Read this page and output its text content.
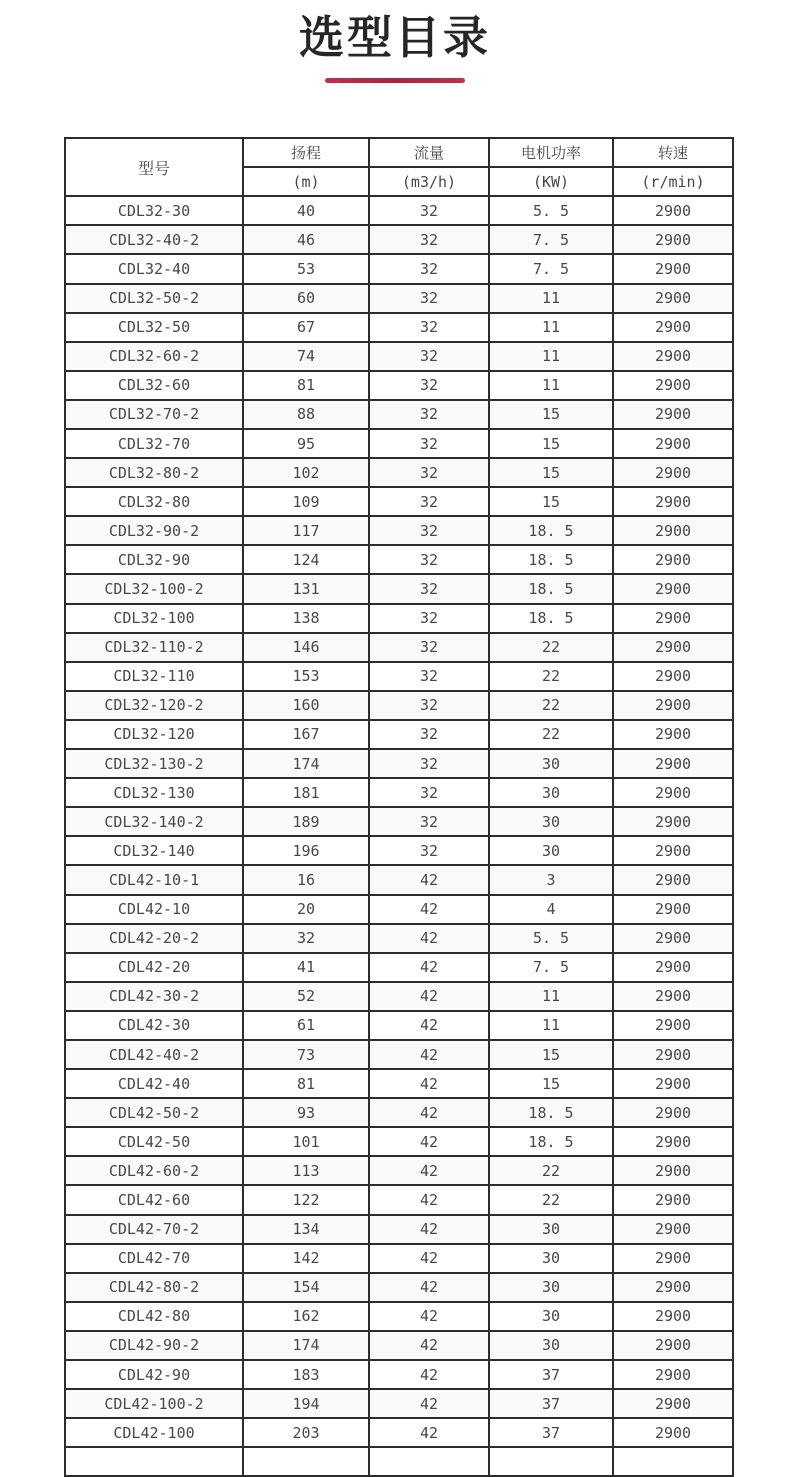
选型目录
型号	扬程	流量	电机功率	转速
	(m)	(m3/h)	(KW)	(r/min)
CDL32-30	40	32	5. 5	2900
CDL32-40-2	46	32	7. 5	2900
CDL32-40	53	32	7. 5	2900
CDL32-50-2	60	32	11	2900
CDL32-50	67	32	11	2900
CDL32-60-2	74	32	11	2900
CDL32-60	81	32	11	2900
CDL32-70-2	88	32	15	2900
CDL32-70	95	32	15	2900
CDL32-80-2	102	32	15	2900
CDL32-80	109	32	15	2900
CDL32-90-2	117	32	18. 5	2900
CDL32-90	124	32	18. 5	2900
CDL32-100-2	131	32	18. 5	2900
CDL32-100	138	32	18. 5	2900
CDL32-110-2	146	32	22	2900
CDL32-110	153	32	22	2900
CDL32-120-2	160	32	22	2900
CDL32-120	167	32	22	2900
CDL32-130-2	174	32	30	2900
CDL32-130	181	32	30	2900
CDL32-140-2	189	32	30	2900
CDL32-140	196	32	30	2900
CDL42-10-1	16	42	3	2900
CDL42-10	20	42	4	2900
CDL42-20-2	32	42	5. 5	2900
CDL42-20	41	42	7. 5	2900
CDL42-30-2	52	42	11	2900
CDL42-30	61	42	11	2900
CDL42-40-2	73	42	15	2900
CDL42-40	81	42	15	2900
CDL42-50-2	93	42	18. 5	2900
CDL42-50	101	42	18. 5	2900
CDL42-60-2	113	42	22	2900
CDL42-60	122	42	22	2900
CDL42-70-2	134	42	30	2900
CDL42-70	142	42	30	2900
CDL42-80-2	154	42	30	2900
CDL42-80	162	42	30	2900
CDL42-90-2	174	42	30	2900
CDL42-90	183	42	37	2900
CDL42-100-2	194	42	37	2900
CDL42-100	203	42	37	2900
